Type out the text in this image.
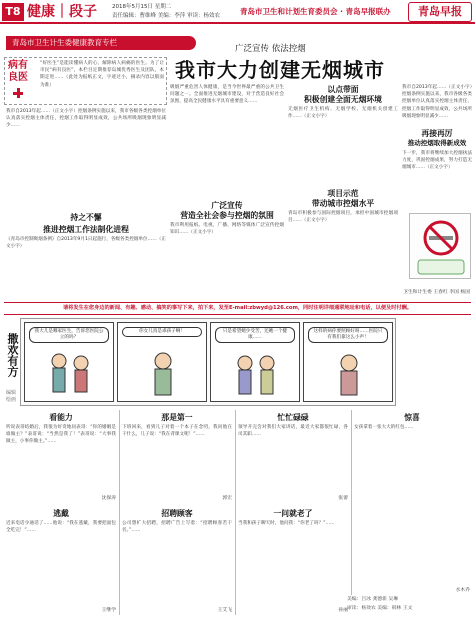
T8 健康｜段子	2018年5月15日 星期二
责任编辑：曹维峰 美编：李萍 审读：杨效农	青岛市卫生和计划生育委员会 · 青岛早报联办	青岛早报
青岛市卫生计生委健康教育专栏
病有良医
“好医生”是能读懂病人的心、解除病人病痛的医生。为了让市民“病有良医”，本栏目定期推荐岛城优秀医生及团队，本期走进……（此处为报纸正文，字迹过小，摘录内容以版面为准）
广泛宣传 依法控烟
我市大力创建无烟城市
吸烟严重危害人体健康，是当今世界最严重的公共卫生问题之一。全面推进无烟城市建设，对于营造良好社会氛围、提高全民健康水平具有重要意义……
我市自2013年起……（正文小字）控烟条例实施以来，我市各级各类控烟单位认真落实控烟主体责任，控烟工作取得明显成效，公共场所吸烟现象明显减少……
持之不懈
推进控烟工作法制化进程
《青岛市控制吸烟条例》自2013年9月1日起施行，各级各类控烟单位……（正文小字）
广泛宣传
营造全社会参与控烟的氛围
我市利用报纸、电视、广播、网络等媒体广泛宣传控烟知识……（正文小字）
以点带面
积极创建全面无烟环境
无烟医疗卫生机构、无烟学校、无烟机关创建工作……（正文小字）
项目示范
带动城市控烟水平
青岛市积极参与国际控烟项目，承担中国城市控烟项目……（正文小字）
我市自2013年起……（正文小字）控烟条例实施以来，我市各级各类控烟单位认真落实控烟主体责任，控烟工作取得明显成效，公共场所吸烟现象明显减少……
再接再厉
推动控烟取得新成效
下一步，我市将继续加大控烟执法力度，巩固控烟成果，努力打造无烟城市……（正文小字）
卫生和计生委 王春红 李国 杨国
请将发生在您身边的新闻、有趣、感动、搞笑的事写下来，拍下来，发至E-mail:zbwyd@126.com，同时注明详细通联地址和电话，以便及时付酬。
撒欢有方
我大儿是哪家医生，告诉您医院公立的吗？
你女儿真是乖孩子啊！	只是希望她少受苦，还她一个健康……
这样的病你要照顾好呀……医院只有我们靠这么小声！
编辑 绘画
看能力
听说表哥结婚后，我很为好奇地问表哥：“你的婚姻是谁做主？”表哥说：“当然是我了！”表哥说：“大事我做主，小事你做主。”……
沈保涛
逃戴
近来电话少通话了……他说：“我在逃戴，我要把面包全吃完！”……
王继学
那是第一
下班回来，看到儿子对着一个本子在念叨，我问他在干什么，儿子说：“我在背课文呢！”……
郭宏
招聘顾客
公司想扩大招聘，招聘广告上写着：“招聘顾客若干名。”……
王艾飞
忙忙碌碌
领导开完会对我们大家讲话，最近大家都很忙碌，各司其职……
张蕾
一问就老了
当我和孩子聊天时，他问我：“你老了吗？”……
孙丽
惊喜
女孩拿着一张大大的红包……
水木乔
美编：吕冰 龚德新 吴琳
审读：杨效农 美编：韩林 王文
